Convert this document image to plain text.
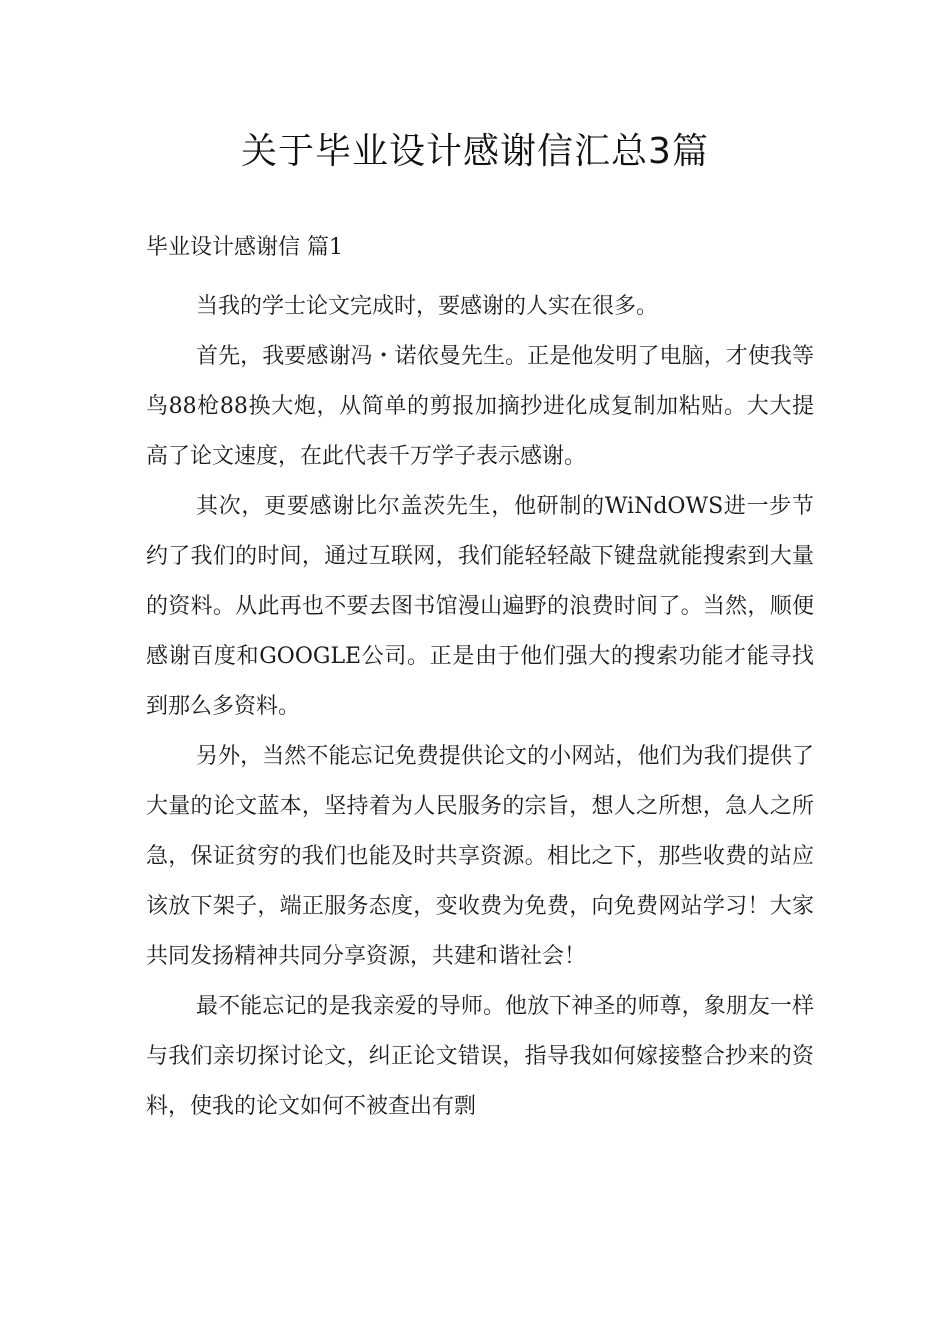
关于毕业设计感谢信汇总3篇
毕业设计感谢信 篇1

当我的学士论文完成时，要感谢的人实在很多。

首先，我要感谢冯・诺依曼先生。正是他发明了电脑，才使我等鸟88枪88换大炮，从简单的剪报加摘抄进化成复制加粘贴。大大提高了论文速度，在此代表千万学子表示感谢。

其次，更要感谢比尔盖茨先生，他研制的WiNdOWS进一步节约了我们的时间，通过互联网，我们能轻轻敲下键盘就能搜索到大量的资料。从此再也不要去图书馆漫山遍野的浪费时间了。当然，顺便感谢百度和GOOGLE公司。正是由于他们强大的搜索功能才能寻找到那么多资料。

另外，当然不能忘记免费提供论文的小网站，他们为我们提供了大量的论文蓝本，坚持着为人民服务的宗旨，想人之所想，急人之所急，保证贫穷的我们也能及时共享资源。相比之下，那些收费的站应该放下架子，端正服务态度，变收费为免费，向免费网站学习！大家共同发扬精神共同分享资源，共建和谐社会！

最不能忘记的是我亲爱的导师。他放下神圣的师尊，象朋友一样与我们亲切探讨论文，纠正论文错误，指导我如何嫁接整合抄来的资料，使我的论文如何不被查出有剽
